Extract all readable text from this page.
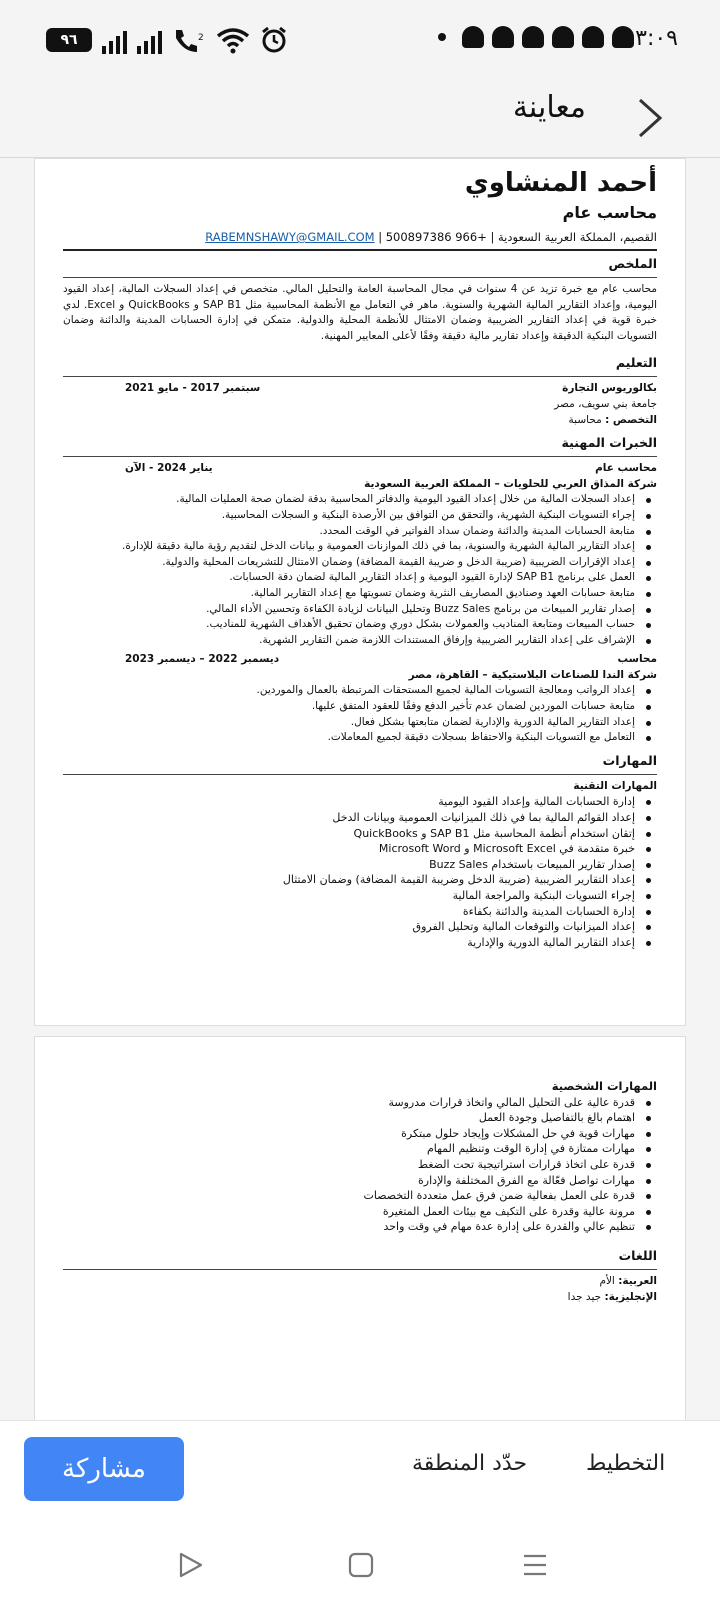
٩٦	2	٣:٠٩
معاينة
أحمد المنشاوي
محاسب عام
القصيم، المملكة العربية السعودية | RABEMNSHAWY@GMAIL.COM | 500897386 966+
الملخص
محاسب عام مع خبرة تزيد عن 4 سنوات في مجال المحاسبة العامة والتحليل المالي. متخصص في إعداد السجلات المالية، إعداد القيود اليومية، وإعداد التقارير المالية الشهرية والسنوية. ماهر في التعامل مع الأنظمة المحاسبية مثل SAP B1 و QuickBooks و Excel. لدي خبرة قوية في إعداد التقارير الضريبية وضمان الامتثال للأنظمة المحلية والدولية. متمكن في إدارة الحسابات المدينة والدائنة وضمان التسويات البنكية الدقيقة وإعداد تقارير مالية دقيقة وفقًا لأعلى المعايير المهنية.
التعليم
بكالوريوس التجارة
سبتمبر 2017 - مايو 2021
جامعة بني سويف، مصر
التخصص : محاسبة
الخبرات المهنية
محاسب عام
يناير 2024 - الآن
شركة المذاق العربي للحلويات – المملكة العربية السعودية
إعداد السجلات المالية من خلال إعداد القيود اليومية والدفاتر المحاسبية بدقة لضمان صحة العمليات المالية.
إجراء التسويات البنكية الشهرية، والتحقق من التوافق بين الأرصدة البنكية و السجلات المحاسبية.
متابعة الحسابات المدينة والدائنة وضمان سداد الفواتير في الوقت المحدد.
إعداد التقارير المالية الشهرية والسنوية، بما في ذلك الموازنات العمومية و بيانات الدخل لتقديم رؤية مالية دقيقة للإدارة.
إعداد الإقرارات الضريبية (ضريبة الدخل و ضريبة القيمة المضافة) وضمان الامتثال للتشريعات المحلية والدولية.
العمل على برنامج SAP B1 لإدارة القيود اليومية و إعداد التقارير المالية لضمان دقة الحسابات.
متابعة حسابات العهد وصناديق المصاريف النثرية وضمان تسويتها مع إعداد التقارير المالية.
إصدار تقارير المبيعات من برنامج Buzz Sales وتحليل البيانات لزيادة الكفاءة وتحسين الأداء المالي.
حساب المبيعات ومتابعة المناديب والعمولات بشكل دوري وضمان تحقيق الأهداف الشهرية للمناديب.
الإشراف على إعداد التقارير الضريبية وإرفاق المستندات اللازمة ضمن التقارير الشهرية.
محاسب
ديسمبر 2022 – ديسمبر 2023
شركة الندا للصناعات البلاستيكية – القاهرة، مصر
إعداد الرواتب ومعالجة التسويات المالية لجميع المستحقات المرتبطة بالعمال والموردين.
متابعة حسابات الموردين لضمان عدم تأخير الدفع وفقًا للعقود المتفق عليها.
إعداد التقارير المالية الدورية والإدارية لضمان متابعتها بشكل فعال.
التعامل مع التسويات البنكية والاحتفاظ بسجلات دقيقة لجميع المعاملات.
المهارات
المهارات التقنية
إدارة الحسابات المالية وإعداد القيود اليومية
إعداد القوائم المالية بما في ذلك الميزانيات العمومية وبيانات الدخل
إتقان استخدام أنظمة المحاسبة مثل SAP B1 و QuickBooks
خبرة متقدمة في Microsoft Excel و Microsoft Word
إصدار تقارير المبيعات باستخدام Buzz Sales
إعداد التقارير الضريبية (ضريبة الدخل وضريبة القيمة المضافة) وضمان الامتثال
إجراء التسويات البنكية والمراجعة المالية
إدارة الحسابات المدينة والدائنة بكفاءة
إعداد الميزانيات والتوقعات المالية وتحليل الفروق
إعداد التقارير المالية الدورية والإدارية
المهارات الشخصية
قدرة عالية على التحليل المالي واتخاذ قرارات مدروسة
اهتمام بالغ بالتفاصيل وجودة العمل
مهارات قوية في حل المشكلات وإيجاد حلول مبتكرة
مهارات ممتازة في إدارة الوقت وتنظيم المهام
قدرة على اتخاذ قرارات استراتيجية تحت الضغط
مهارات تواصل فعّالة مع الفرق المختلفة والإدارة
قدرة على العمل بفعالية ضمن فرق عمل متعددة التخصصات
مرونة عالية وقدرة على التكيف مع بيئات العمل المتغيرة
تنظيم عالي والقدرة على إدارة عدة مهام في وقت واحد
اللغات
العربية: الأم
الإنجليزية: جيد جدا
مشاركة	حدّد المنطقة	التخطيط
